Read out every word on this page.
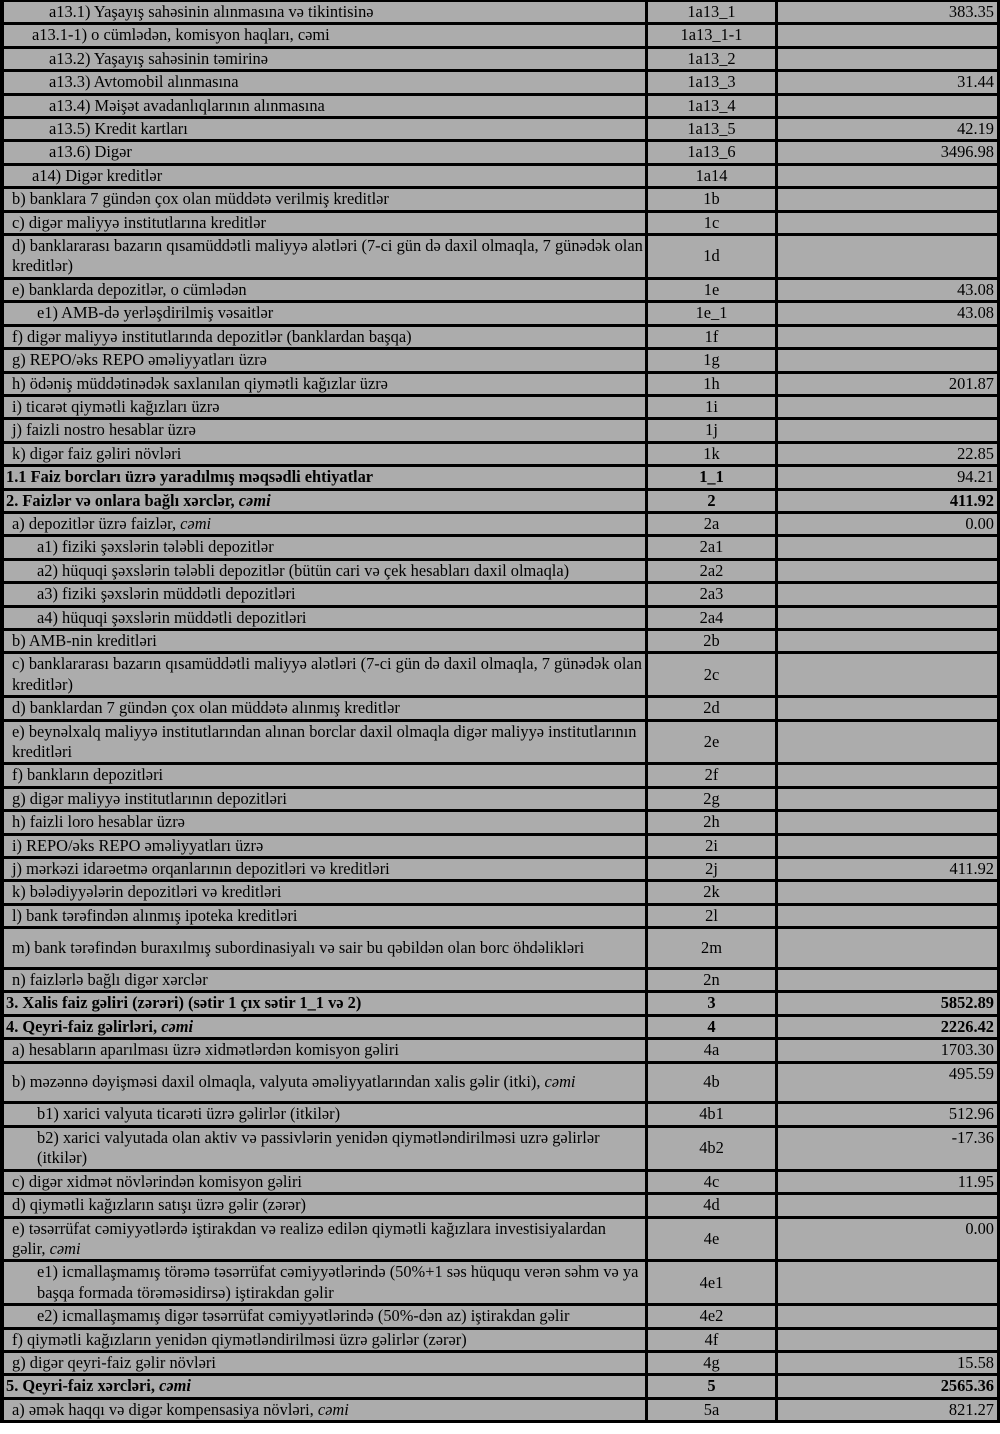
a13.1) Yaşayış sahəsinin alınmasına və tikintisinə	1a13_1	383.35
a13.1-1) o cümlədən, komisyon haqları, cəmi	1a13_1-1	
a13.2) Yaşayış sahəsinin təmirinə	1a13_2	
a13.3) Avtomobil alınmasına	1a13_3	31.44
a13.4) Məişət avadanlıqlarının alınmasına	1a13_4	
a13.5) Kredit kartları	1a13_5	42.19
a13.6) Digər	1a13_6	3496.98
a14) Digər kreditlər	1a14	
b) banklara 7 gündən çox olan müddətə verilmiş kreditlər	1b	
c) digər maliyyə institutlarına kreditlər	1c	
d) banklararası bazarın qısamüddətli maliyyə alətləri (7-ci gün də daxil olmaqla, 7 günədək olan kreditlər)	1d	
e) banklarda depozitlər, o cümlədən	1e	43.08
e1) AMB-də yerləşdirilmiş vəsaitlər	1e_1	43.08
f) digər maliyyə institutlarında depozitlər (banklardan başqa)	1f	
g) REPO/əks REPO əməliyyatları üzrə	1g	
h) ödəniş müddətinədək saxlanılan qiymətli kağızlar üzrə	1h	201.87
i) ticarət qiymətli kağızları üzrə	1i	
j) faizli nostro hesablar üzrə	1j	
k) digər faiz gəliri növləri	1k	22.85
1.1 Faiz borcları üzrə yaradılmış məqsədli ehtiyatlar	1_1	94.21
2. Faizlər və onlara bağlı xərclər, cəmi	2	411.92
a) depozitlər üzrə faizlər, cəmi	2a	0.00
a1) fiziki şəxslərin tələbli depozitlər	2a1	
a2) hüquqi şəxslərin tələbli depozitlər (bütün cari və çek hesabları daxil olmaqla)	2a2	
a3) fiziki şəxslərin müddətli depozitləri	2a3	
a4) hüquqi şəxslərin müddətli depozitləri	2a4	
b) AMB-nin kreditləri	2b	
c) banklararası bazarın qısamüddətli maliyyə alətləri (7-ci gün də daxil olmaqla, 7 günədək olan kreditlər)	2c	
d) banklardan 7 gündən çox olan müddətə alınmış kreditlər	2d	
e) beynəlxalq maliyyə institutlarından alınan borclar daxil olmaqla digər maliyyə institutlarının kreditləri	2e	
f) bankların depozitləri	2f	
g) digər maliyyə institutlarının depozitləri	2g	
h) faizli loro hesablar üzrə	2h	
i) REPO/əks REPO əməliyyatları üzrə	2i	
j) mərkəzi idarəetmə orqanlarının depozitləri və kreditləri	2j	411.92
k) bələdiyyələrin depozitləri və kreditləri	2k	
l) bank tərəfindən alınmış ipoteka kreditləri	2l	
m) bank tərəfindən buraxılmış subordinasiyalı və sair bu qəbildən olan borc öhdəlikləri	2m	
n) faizlərlə bağlı digər xərclər	2n	
3. Xalis faiz gəliri (zərəri) (sətir 1 çıx sətir 1_1 və 2)	3	5852.89
4. Qeyri-faiz gəlirləri, cəmi	4	2226.42
a) hesabların aparılması üzrə xidmətlərdən komisyon gəliri	4a	1703.30
b) məzənnə dəyişməsi daxil olmaqla, valyuta əməliyyatlarından xalis gəlir (itki), cəmi	4b	495.59
b1) xarici valyuta ticarəti üzrə gəlirlər (itkilər)	4b1	512.96
b2) xarici valyutada olan aktiv və passivlərin yenidən qiymətləndirilməsi uzrə gəlirlər (itkilər)	4b2	-17.36
c) digər xidmət növlərindən komisyon gəliri	4c	11.95
d) qiymətli kağızların satışı üzrə gəlir (zərər)	4d	
e) təsərrüfat cəmiyyətlərdə iştirakdan və realizə edilən qiymətli kağızlara investisiyalardan gəlir, cəmi	4e	0.00
e1) icmallaşmamış törəmə təsərrüfat cəmiyyətlərində (50%+1 səs hüququ verən səhm və ya başqa formada törəməsidirsə) iştirakdan gəlir	4e1	
e2) icmallaşmamış digər təsərrüfat cəmiyyətlərində (50%-dən az) iştirakdan gəlir	4e2	
f) qiymətli kağızların yenidən qiymətləndirilməsi üzrə gəlirlər (zərər)	4f	
g) digər qeyri-faiz gəlir növləri	4g	15.58
5. Qeyri-faiz xərcləri, cəmi	5	2565.36
a) əmək haqqı və digər kompensasiya növləri, cəmi	5a	821.27
